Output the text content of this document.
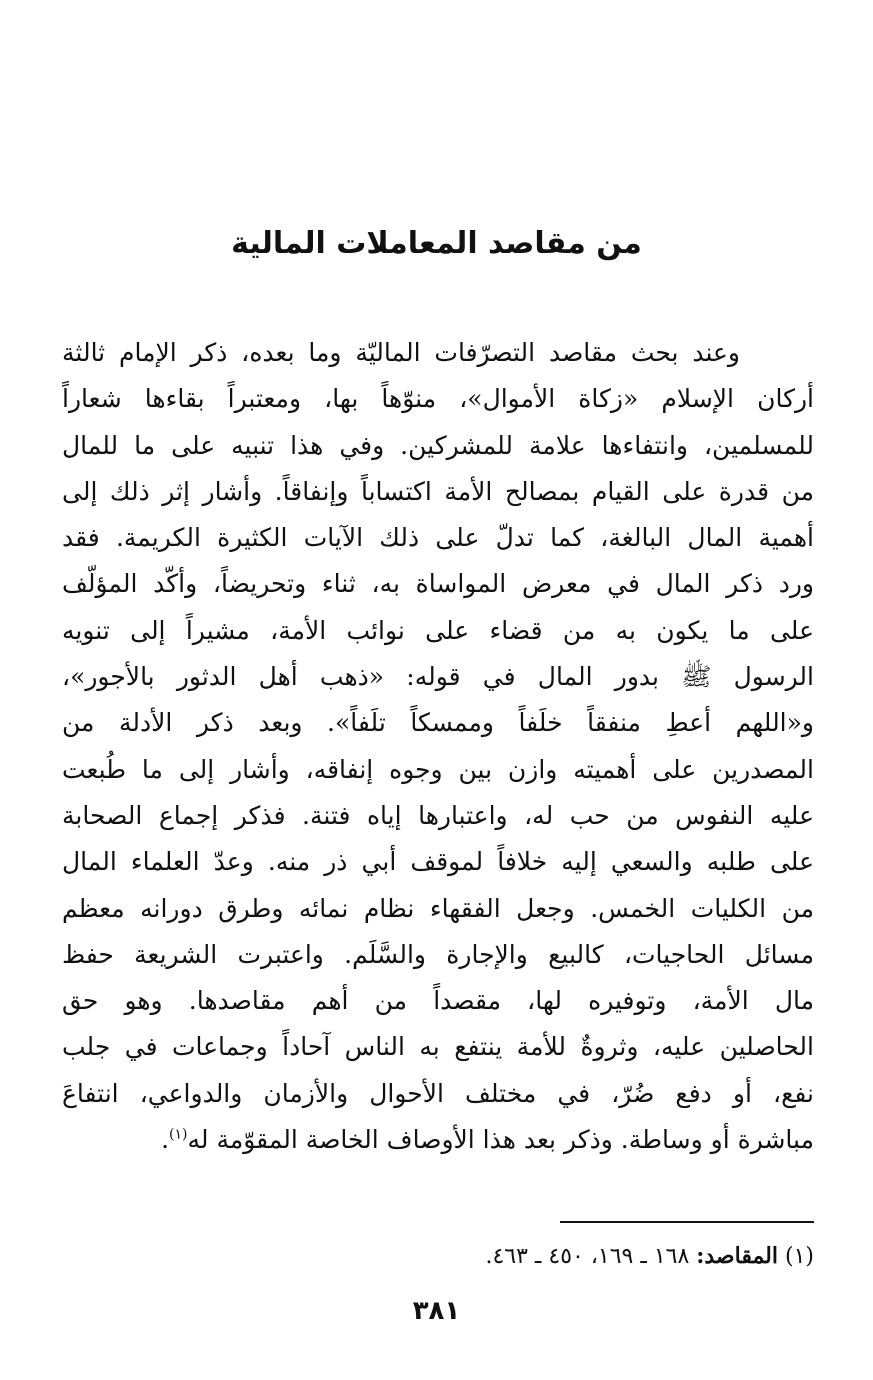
من مقاصد المعاملات المالية
وعند بحث مقاصد التصرّفات الماليّة وما بعده، ذكر الإمام ثالثة
أركان الإسلام «زكاة الأموال»، منوّهاً بها، ومعتبراً بقاءها شعاراً
للمسلمين، وانتفاءها علامة للمشركين. وفي هذا تنبيه على ما للمال
من قدرة على القيام بمصالح الأمة اكتساباً وإنفاقاً. وأشار إثر ذلك إلى
أهمية المال البالغة، كما تدلّ على ذلك الآيات الكثيرة الكريمة. فقد
ورد ذكر المال في معرض المواساة به، ثناء وتحريضاً، وأكّد المؤلّف
على ما يكون به من قضاء على نوائب الأمة، مشيراً إلى تنويه
الرسول ﷺ بدور المال في قوله: «ذهب أهل الدثور بالأجور»،
و«اللهم أعطِ منفقاً خلَفاً وممسكاً تلَفاً». وبعد ذكر الأدلة من
المصدرين على أهميته وازن بين وجوه إنفاقه، وأشار إلى ما طُبعت
عليه النفوس من حب له، واعتبارها إياه فتنة. فذكر إجماع الصحابة
على طلبه والسعي إليه خلافاً لموقف أبي ذر منه. وعدّ العلماء المال
من الكليات الخمس. وجعل الفقهاء نظام نمائه وطرق دورانه معظم
مسائل الحاجيات، كالبيع والإجارة والسَّلَم. واعتبرت الشريعة حفظ
مال الأمة، وتوفيره لها، مقصداً من أهم مقاصدها. وهو حق
الحاصلين عليه، وثروةٌ للأمة ينتفع به الناس آحاداً وجماعات في جلب
نفع، أو دفع ضُرّ، في مختلف الأحوال والأزمان والدواعي، انتفاعَ
مباشرة أو وساطة. وذكر بعد هذا الأوصاف الخاصة المقوّمة له$^{(١)}$.
(١) المقاصد: ١٦٨ ـ ١٦٩، ٤٥٠ ـ ٤٦٣.
٣٨١
